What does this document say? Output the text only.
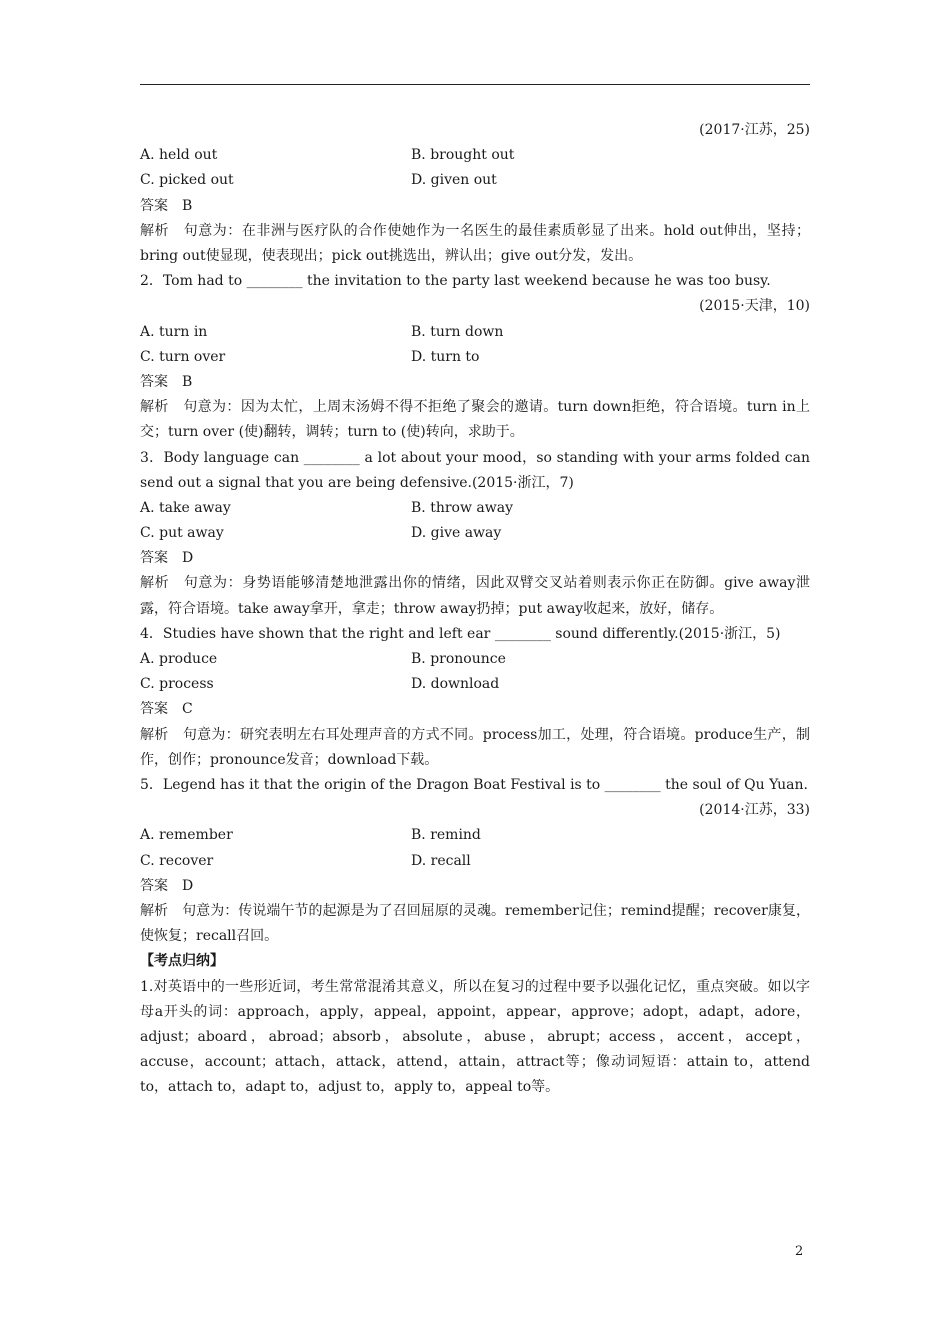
(2017·江苏，25)
A. held out	B. brought out
C. picked out	D. given out
答案　B
解析　句意为：在非洲与医疗队的合作使她作为一名医生的最佳素质彰显了出来。hold out伸出，坚持；bring out使显现，使表现出；pick out挑选出，辨认出；give out分发，发出。
2．Tom had to ________ the invitation to the party last weekend because he was too busy.
(2015·天津，10)
A. turn in	B. turn down
C. turn over	D. turn to
答案　B
解析　句意为：因为太忙，上周末汤姆不得不拒绝了聚会的邀请。turn down拒绝，符合语境。turn in上交；turn over (使)翻转，调转；turn to (使)转向，求助于。
3．Body language can ________ a lot about your mood，so standing with your arms folded can send out a signal that you are being defensive.(2015·浙江，7)
A. take away	B. throw away
C. put away	D. give away
答案　D
解析　句意为：身势语能够清楚地泄露出你的情绪，因此双臂交叉站着则表示你正在防御。give away泄露，符合语境。take away拿开，拿走；throw away扔掉；put away收起来，放好，储存。
4．Studies have shown that the right and left ear ________ sound differently.(2015·浙江，5)
A. produce	B. pronounce
C. process	D. download
答案　C
解析　句意为：研究表明左右耳处理声音的方式不同。process加工，处理，符合语境。produce生产，制作，创作；pronounce发音；download下载。
5．Legend has it that the origin of the Dragon Boat Festival is to ________ the soul of Qu Yuan.
(2014·江苏，33)
A. remember	B. remind
C. recover	D. recall
答案　D
解析　句意为：传说端午节的起源是为了召回屈原的灵魂。remember记住；remind提醒；recover康复，使恢复；recall召回。
【考点归纳】
1.对英语中的一些形近词，考生常常混淆其意义，所以在复习的过程中要予以强化记忆，重点突破。如以字母a开头的词：approach，apply，appeal，appoint，appear，approve；adopt，adapt，adore，adjust；aboard，abroad；absorb，absolute，abuse，abrupt；access，accent，accept，accuse，account；attach，attack，attend，attain，attract等；像动词短语：attain to，attend to，attach to，adapt to，adjust to，apply to，appeal to等。
2
